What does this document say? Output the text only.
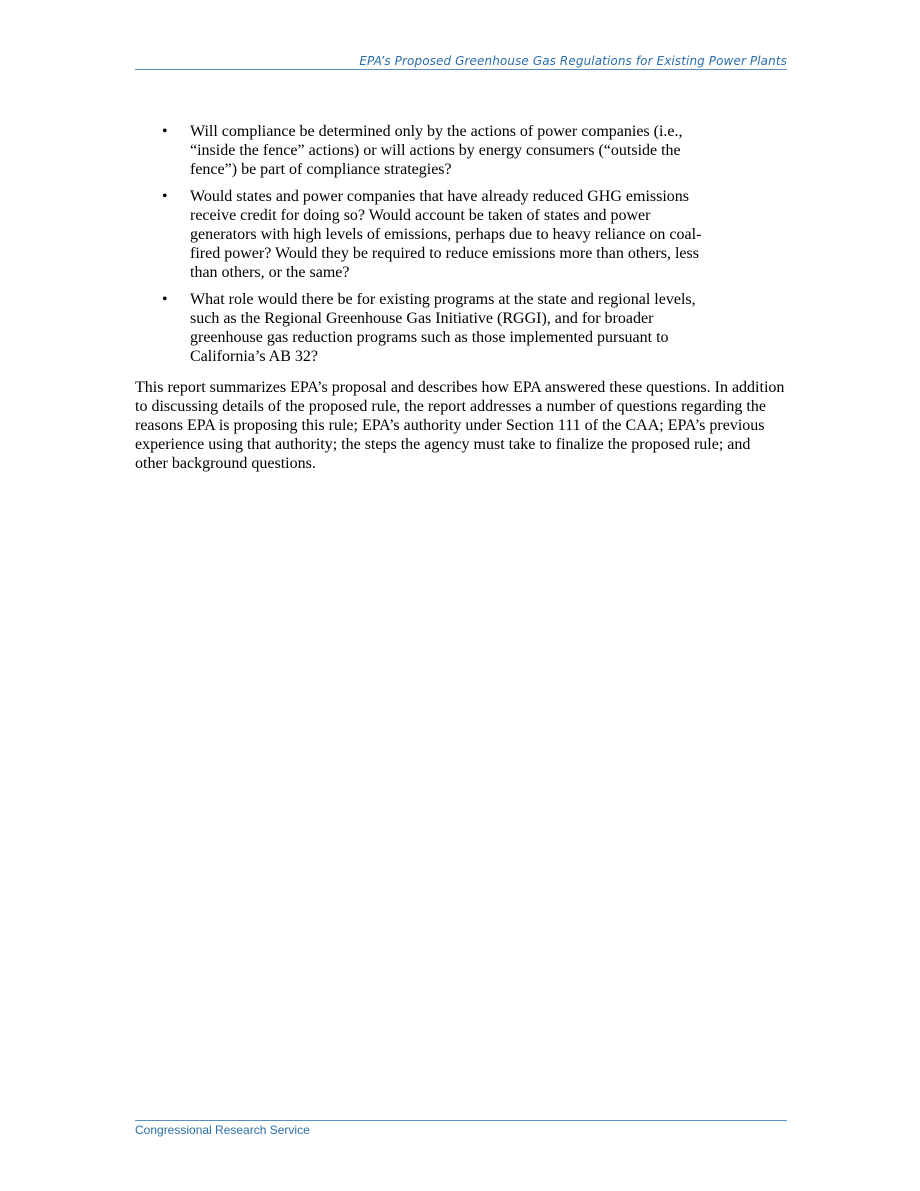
EPA’s Proposed Greenhouse Gas Regulations for Existing Power Plants
• Will compliance be determined only by the actions of power companies (i.e., “inside the fence” actions) or will actions by energy consumers (“outside the fence”) be part of compliance strategies?
• Would states and power companies that have already reduced GHG emissions receive credit for doing so? Would account be taken of states and power generators with high levels of emissions, perhaps due to heavy reliance on coal-fired power? Would they be required to reduce emissions more than others, less than others, or the same?
• What role would there be for existing programs at the state and regional levels, such as the Regional Greenhouse Gas Initiative (RGGI), and for broader greenhouse gas reduction programs such as those implemented pursuant to California’s AB 32?

This report summarizes EPA’s proposal and describes how EPA answered these questions. In addition to discussing details of the proposed rule, the report addresses a number of questions regarding the reasons EPA is proposing this rule; EPA’s authority under Section 111 of the CAA; EPA’s previous experience using that authority; the steps the agency must take to finalize the proposed rule; and other background questions.

Congressional Research Service
